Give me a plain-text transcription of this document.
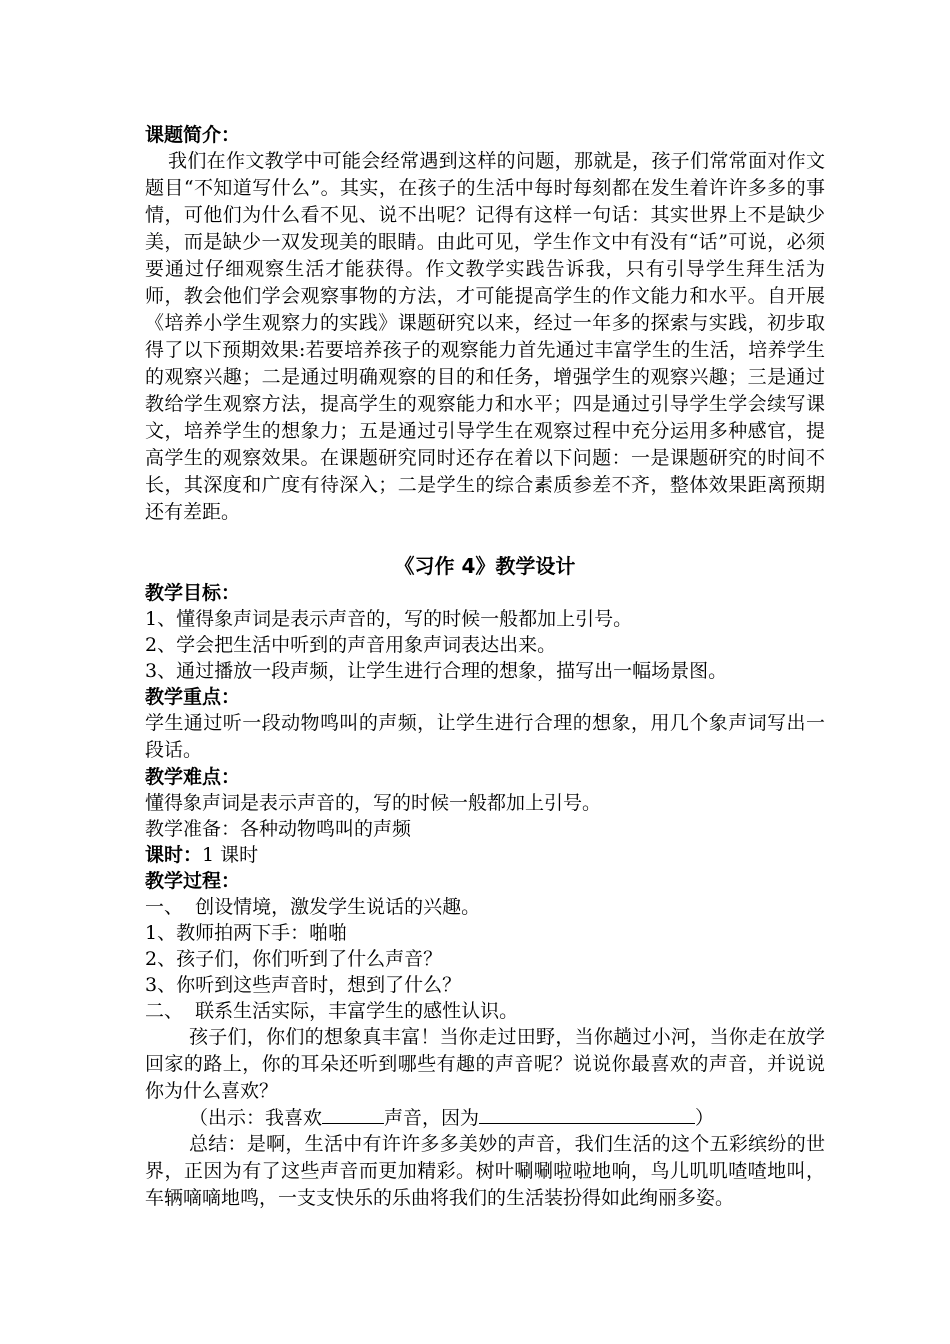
课题简介：

我们在作文教学中可能会经常遇到这样的问题，那就是，孩子们常常面对作文题目“不知道写什么”。其实，在孩子的生活中每时每刻都在发生着许许多多的事情，可他们为什么看不见、说不出呢？记得有这样一句话：其实世界上不是缺少美，而是缺少一双发现美的眼睛。由此可见，学生作文中有没有“话”可说，必须要通过仔细观察生活才能获得。作文教学实践告诉我，只有引导学生拜生活为师，教会他们学会观察事物的方法，才可能提高学生的作文能力和水平。自开展《培养小学生观察力的实践》课题研究以来，经过一年多的探索与实践，初步取得了以下预期效果:若要培养孩子的观察能力首先通过丰富学生的生活，培养学生的观察兴趣；二是通过明确观察的目的和任务，增强学生的观察兴趣；三是通过教给学生观察方法，提高学生的观察能力和水平；四是通过引导学生学会续写课文，培养学生的想象力；五是通过引导学生在观察过程中充分运用多种感官，提高学生的观察效果。在课题研究同时还存在着以下问题：一是课题研究的时间不长，其深度和广度有待深入；二是学生的综合素质参差不齐，整体效果距离预期还有差距。

《习作 4》教学设计

教学目标：

1、懂得象声词是表示声音的，写的时候一般都加上引号。

2、学会把生活中听到的声音用象声词表达出来。

3、通过播放一段声频，让学生进行合理的想象，描写出一幅场景图。

教学重点：

学生通过听一段动物鸣叫的声频，让学生进行合理的想象，用几个象声词写出一段话。

教学难点：

懂得象声词是表示声音的，写的时候一般都加上引号。

教学准备：各种动物鸣叫的声频

课时：1 课时

教学过程：

一、  创设情境，激发学生说话的兴趣。

1、教师拍两下手：啪啪

2、孩子们，你们听到了什么声音？

3、你听到这些声音时，想到了什么？

二、  联系生活实际，丰富学生的感性认识。

孩子们，你们的想象真丰富！当你走过田野，当你趟过小河，当你走在放学回家的路上，你的耳朵还听到哪些有趣的声音呢？说说你最喜欢的声音，并说说你为什么喜欢？

（出示：我喜欢	声音，因为	）

总结：是啊，生活中有许许多多美妙的声音，我们生活的这个五彩缤纷的世界，正因为有了这些声音而更加精彩。树叶唰唰啦啦地响，鸟儿叽叽喳喳地叫，车辆嘀嘀地鸣，一支支快乐的乐曲将我们的生活装扮得如此绚丽多姿。
